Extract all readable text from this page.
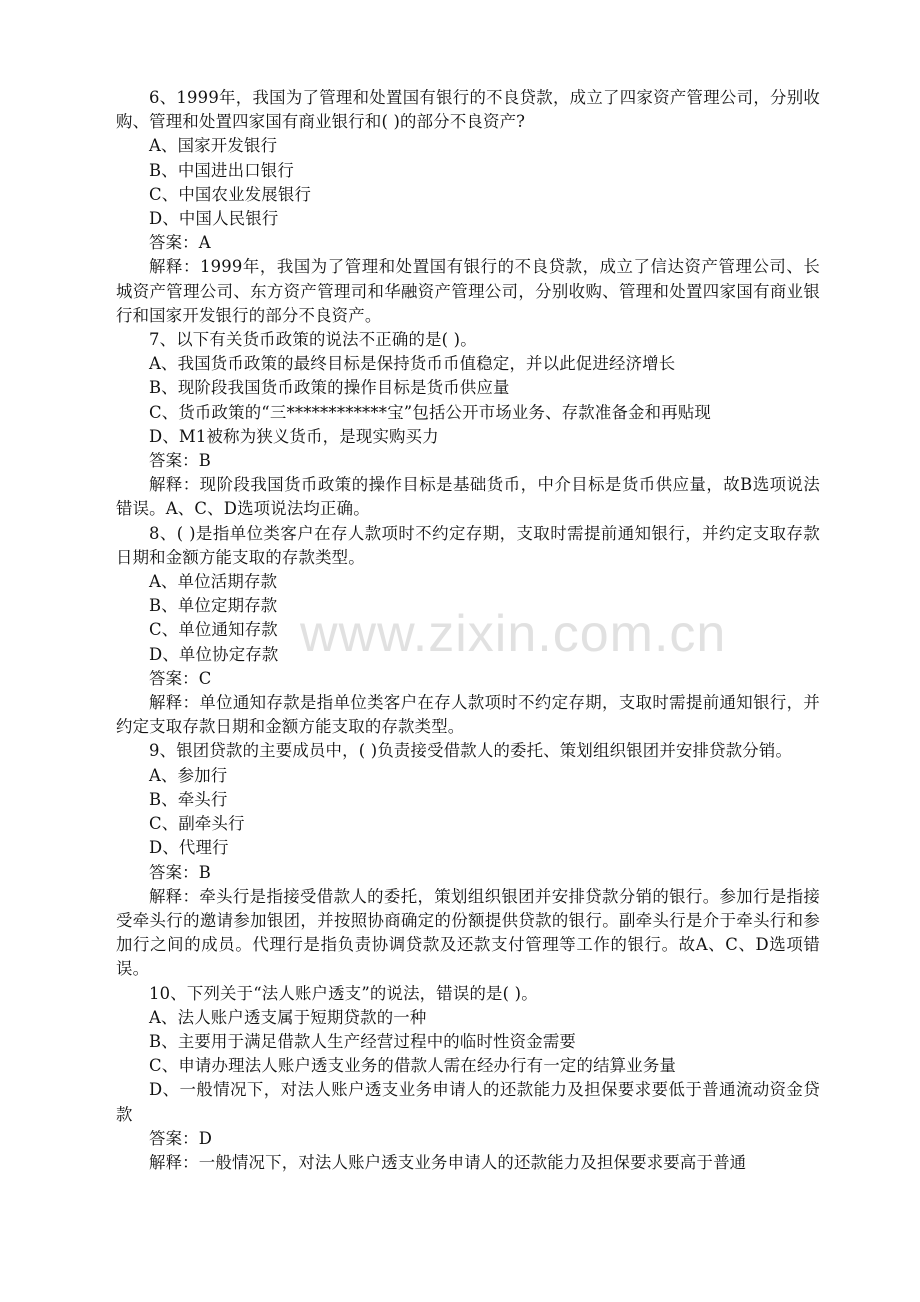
6、1999年，我国为了管理和处置国有银行的不良贷款，成立了四家资产管理公司，分别收购、管理和处置四家国有商业银行和( )的部分不良资产?

A、国家开发银行

B、中国进出口银行

C、中国农业发展银行

D、中国人民银行

答案：A

解释：1999年，我国为了管理和处置国有银行的不良贷款，成立了信达资产管理公司、长城资产管理公司、东方资产管理司和华融资产管理公司，分别收购、管理和处置四家国有商业银行和国家开发银行的部分不良资产。

7、以下有关货币政策的说法不正确的是( )。

A、我国货币政策的最终目标是保持货币币值稳定，并以此促进经济增长

B、现阶段我国货币政策的操作目标是货币供应量

C、货币政策的“三************宝”包括公开市场业务、存款准备金和再贴现

D、M1被称为狭义货币，是现实购买力

答案：B

解释：现阶段我国货币政策的操作目标是基础货币，中介目标是货币供应量，故B选项说法错误。A、C、D选项说法均正确。

8、( )是指单位类客户在存人款项时不约定存期，支取时需提前通知银行，并约定支取存款日期和金额方能支取的存款类型。

A、单位活期存款

B、单位定期存款

C、单位通知存款

D、单位协定存款

答案：C

解释：单位通知存款是指单位类客户在存人款项时不约定存期，支取时需提前通知银行，并约定支取存款日期和金额方能支取的存款类型。

9、银团贷款的主要成员中，( )负责接受借款人的委托、策划组织银团并安排贷款分销。

A、参加行

B、牵头行

C、副牵头行

D、代理行

答案：B

解释：牵头行是指接受借款人的委托，策划组织银团并安排贷款分销的银行。参加行是指接受牵头行的邀请参加银团，并按照协商确定的份额提供贷款的银行。副牵头行是介于牵头行和参加行之间的成员。代理行是指负责协调贷款及还款支付管理等工作的银行。故A、C、D选项错误。

10、下列关于“法人账户透支”的说法，错误的是( )。

A、法人账户透支属于短期贷款的一种

B、主要用于满足借款人生产经营过程中的临时性资金需要

C、申请办理法人账户透支业务的借款人需在经办行有一定的结算业务量

D、一般情况下，对法人账户透支业务申请人的还款能力及担保要求要低于普通流动资金贷款

答案：D

解释：一般情况下，对法人账户透支业务申请人的还款能力及担保要求要高于普通

www.zixin.com.cn
